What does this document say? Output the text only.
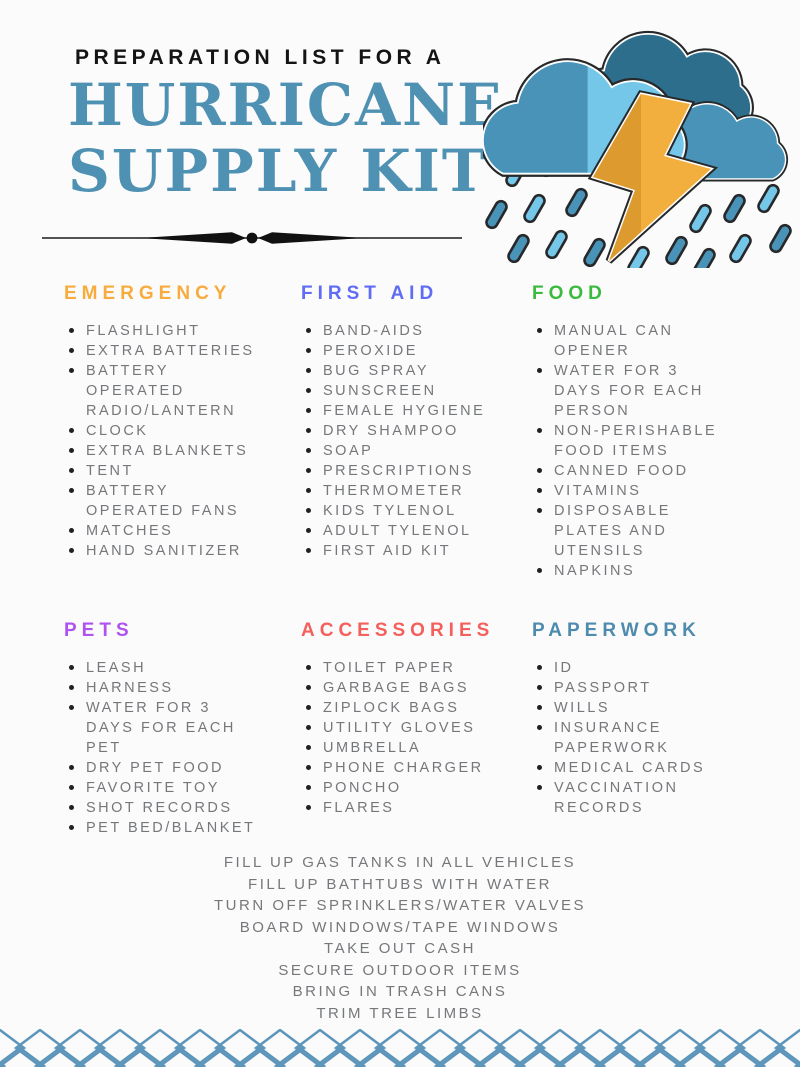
PREPARATION LIST FOR A
HURRICANE
SUPPLY KIT
EMERGENCY
FLASHLIGHT
EXTRA BATTERIES
BATTERY OPERATED RADIO/LANTERN
CLOCK
EXTRA BLANKETS
TENT
BATTERY OPERATED FANS
MATCHES
HAND SANITIZER
FIRST AID
BAND-AIDS
PEROXIDE
BUG SPRAY
SUNSCREEN
FEMALE HYGIENE
DRY SHAMPOO
SOAP
PRESCRIPTIONS
THERMOMETER
KIDS TYLENOL
ADULT TYLENOL
FIRST AID KIT
FOOD
MANUAL CAN OPENER
WATER FOR 3 DAYS FOR EACH PERSON
NON-PERISHABLE FOOD ITEMS
CANNED FOOD
VITAMINS
DISPOSABLE PLATES AND UTENSILS
NAPKINS
PETS
LEASH
HARNESS
WATER FOR 3 DAYS FOR EACH PET
DRY PET FOOD
FAVORITE TOY
SHOT RECORDS
PET BED/BLANKET
ACCESSORIES
TOILET PAPER
GARBAGE BAGS
ZIPLOCK BAGS
UTILITY GLOVES
UMBRELLA
PHONE CHARGER
PONCHO
FLARES
PAPERWORK
ID
PASSPORT
WILLS
INSURANCE PAPERWORK
MEDICAL CARDS
VACCINATION RECORDS
FILL UP GAS TANKS IN ALL VEHICLES
FILL UP BATHTUBS WITH WATER
TURN OFF SPRINKLERS/WATER VALVES
BOARD WINDOWS/TAPE WINDOWS
TAKE OUT CASH
SECURE OUTDOOR ITEMS
BRING IN TRASH CANS
TRIM TREE LIMBS
